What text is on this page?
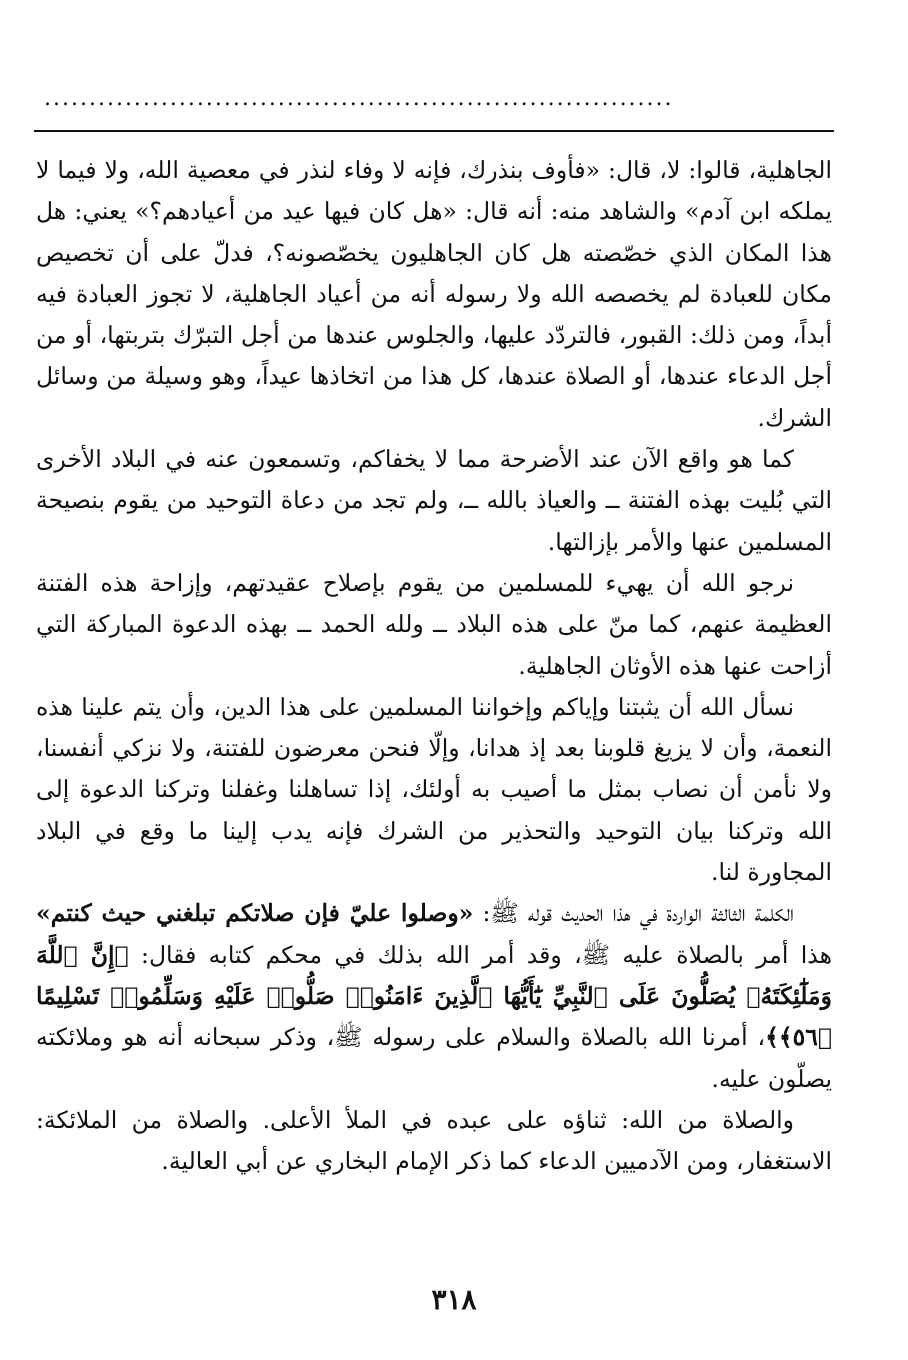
......................................................................

الجاهلية، قالوا: لا، قال: «فأوف بنذرك، فإنه لا وفاء لنذر في معصية الله، ولا فيما لا يملكه ابن آدم» والشاهد منه: أنه قال: «هل كان فيها عيد من أعيادهم؟» يعني: هل هذا المكان الذي خصّصته هل كان الجاهليون يخصّصونه؟، فدلّ على أن تخصيص مكان للعبادة لم يخصصه الله ولا رسوله أنه من أعياد الجاهلية، لا تجوز العبادة فيه أبداً، ومن ذلك: القبور، فالتردّد عليها، والجلوس عندها من أجل التبرّك بتربتها، أو من أجل الدعاء عندها، أو الصلاة عندها، كل هذا من اتخاذها عيداً، وهو وسيلة من وسائل الشرك.

كما هو واقع الآن عند الأضرحة مما لا يخفاكم، وتسمعون عنه في البلاد الأخرى التي بُليت بهذه الفتنة ــ والعياذ بالله ــ، ولم تجد من دعاة التوحيد من يقوم بنصيحة المسلمين عنها والأمر بإزالتها.

نرجو الله أن يهيء للمسلمين من يقوم بإصلاح عقيدتهم، وإزاحة هذه الفتنة العظيمة عنهم، كما منّ على هذه البلاد ــ ولله الحمد ــ بهذه الدعوة المباركة التي أزاحت عنها هذه الأوثان الجاهلية.

نسأل الله أن يثبتنا وإياكم وإخواننا المسلمين على هذا الدين، وأن يتم علينا هذه النعمة، وأن لا يزيغ قلوبنا بعد إذ هدانا، وإلّا فنحن معرضون للفتنة، ولا نزكي أنفسنا، ولا نأمن أن نصاب بمثل ما أصيب به أولئك، إذا تساهلنا وغفلنا وتركنا الدعوة إلى الله وتركنا بيان التوحيد والتحذير من الشرك فإنه يدب إلينا ما وقع في البلاد المجاورة لنا.

الكلمة الثالثة الواردة في هذا الحديث قوله ﷺ: «وصلوا عليّ فإن صلاتكم تبلغني حيث كنتم» هذا أمر بالصلاة عليه ﷺ، وقد أمر الله بذلك في محكم كتابه فقال: ﴿إِنَّ ٱللَّهَ وَمَلَٰٓئِكَتَهُۥ يُصَلُّونَ عَلَى ٱلنَّبِيِّ يَٰٓأَيُّهَا ٱلَّذِينَ ءَامَنُوا۟ صَلُّوا۟ عَلَيْهِ وَسَلِّمُوا۟ تَسْلِيمًا ﴿٥٦﴾﴾، أمرنا الله بالصلاة والسلام على رسوله ﷺ، وذكر سبحانه أنه هو وملائكته يصلّون عليه.

والصلاة من الله: ثناؤه على عبده في الملأ الأعلى. والصلاة من الملائكة: الاستغفار، ومن الآدميين الدعاء كما ذكر الإمام البخاري عن أبي العالية.

٣١٨
